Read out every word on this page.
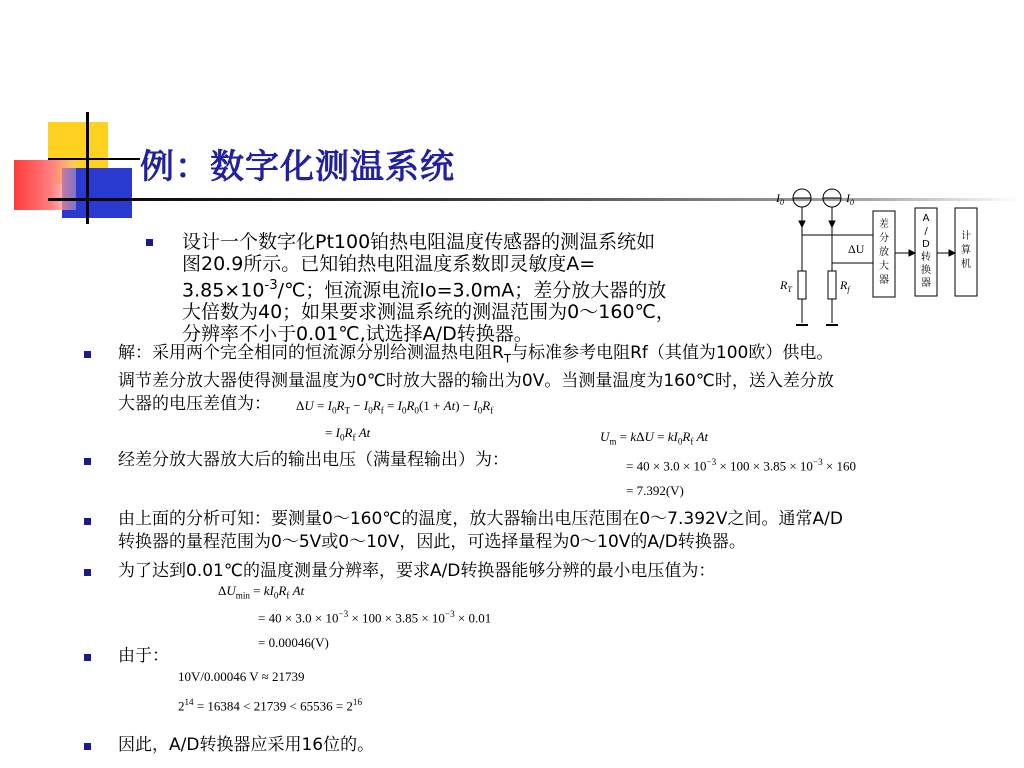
例：数字化测温系统
设计一个数字化Pt100铂热电阻温度传感器的测温系统如
图20.9所示。已知铂热电阻温度系数即灵敏度A=
$3.85\times 10^{-3}/℃$；恒流源电流Io=3.0mA；差分放大器的放
大倍数为40；如果要求测温系统的测温范围为0～160℃，
分辨率不小于0.01℃,试选择A/D转换器。
$I_0$	$I_0$
ΔU
$R_T$	$R_f$
差
分
放
大
器
A
/
D
转
换
器
计
算
机
解：采用两个完全相同的恒流源分别给测温热电阻$R_T$与标准参考电阻Rf（其值为100欧）供电。
调节差分放大器使得测量温度为0℃时放大器的输出为0V。当测量温度为160℃时，送入差分放
大器的电压差值为：	$\Delta U = I_0R_T - I_0R_f = I_0R_0(1 + At) - I_0R_f$
= $I_0R_f$ At
经差分放大器放大后的输出电压（满量程输出）为：
$U_m = k\Delta U = kI_0R_f$ At
= $40 \times 3.0 \times 10^{-3} \times 100 \times 3.85 \times 10^{-3} \times 160$
= 7.392(V)
由上面的分析可知：要测量0～160℃的温度，放大器输出电压范围在0～7.392V之间。通常A/D
转换器的量程范围为0～5V或0～10V，因此，可选择量程为0～10V的A/D转换器。
为了达到0.01℃的温度测量分辨率，要求A/D转换器能够分辨的最小电压值为：
$\Delta U_{min} = kI_0R_f$ At
= $40 \times 3.0 \times 10^{-3} \times 100 \times 3.85 \times 10^{-3} \times 0.01$
= 0.00046(V)
由于：
10V/0.00046 V ≈ 21739
$2^{14} = 16384 < 21739 < 65536 = 2^{16}$
因此，A/D转换器应采用16位的。
